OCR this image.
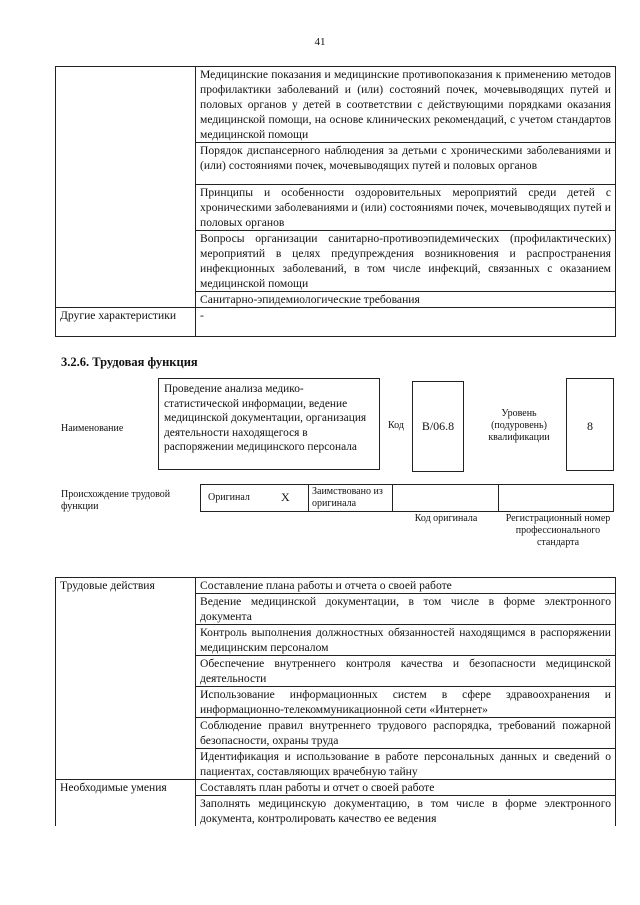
41
	Медицинские показания и медицинские противопоказания к применению методов профилактики заболеваний и (или) состояний почек, мочевыводящих путей и половых органов у детей в соответствии с действующими порядками оказания медицинской помощи, на основе клинических рекомендаций, с учетом стандартов медицинской помощи
	Порядок диспансерного наблюдения за детьми с хроническими заболеваниями и (или) состояниями почек, мочевыводящих путей и половых органов
	Принципы и особенности оздоровительных мероприятий среди детей с хроническими заболеваниями и (или) состояниями почек, мочевыводящих путей и половых органов
	Вопросы организации санитарно-противоэпидемических (профилактических) мероприятий в целях предупреждения возникновения и распространения инфекционных заболеваний, в том числе инфекций, связанных с оказанием медицинской помощи
	Санитарно-эпидемиологические требования
Другие характеристики	-
3.2.6. Трудовая функция
Наименование
Проведение анализа медико-статистической информации, ведение медицинской документации, организация деятельности находящегося в распоряжении медицинского персонала
Код	B/06.8
Уровень (подуровень) квалификации
8
Происхождение трудовой функции
Оригинал	X Заимствовано из оригинала
Код оригинала	Регистрационный номер профессионального стандарта
Трудовые действия	Составление плана работы и отчета о своей работе
	Ведение медицинской документации, в том числе в форме электронного документа
	Контроль выполнения должностных обязанностей находящимся в распоряжении медицинским персоналом
	Обеспечение внутреннего контроля качества и безопасности медицинской деятельности
	Использование информационных систем в сфере здравоохранения и информационно-телекоммуникационной сети «Интернет»
	Соблюдение правил внутреннего трудового распорядка, требований пожарной безопасности, охраны труда
	Идентификация и использование в работе персональных данных и сведений о пациентах, составляющих врачебную тайну
Необходимые умения	Составлять план работы и отчет о своей работе
	Заполнять медицинскую документацию, в том числе в форме электронного документа, контролировать качество ее ведения
